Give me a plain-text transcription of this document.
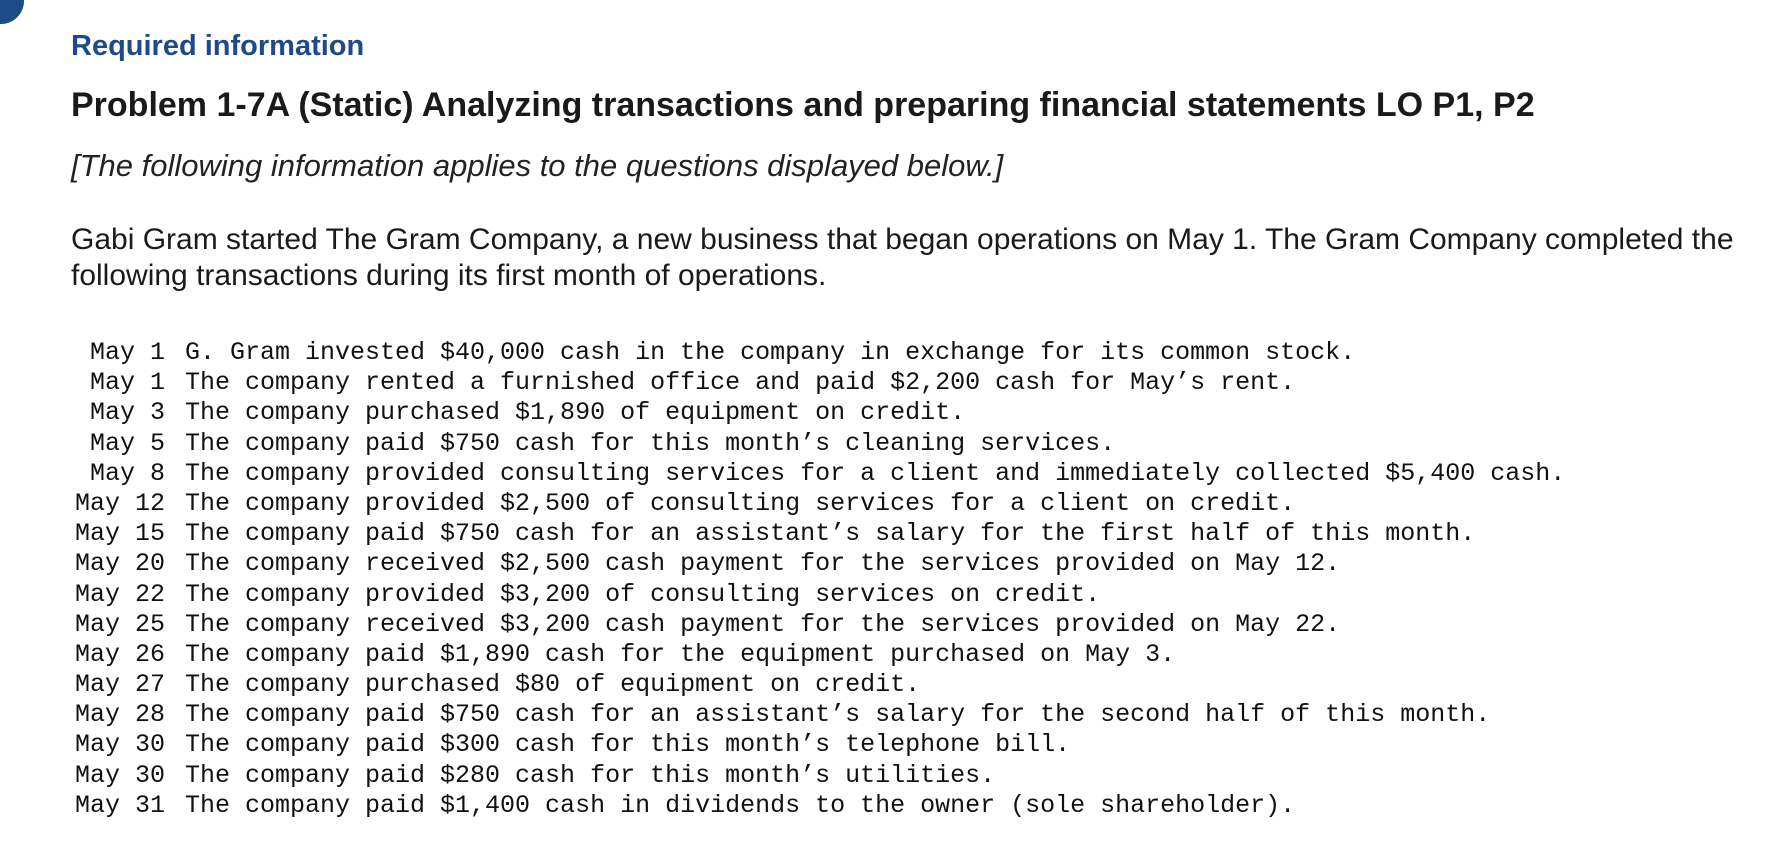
Required information
Problem 1-7A (Static) Analyzing transactions and preparing financial statements LO P1, P2
[The following information applies to the questions displayed below.]
Gabi Gram started The Gram Company, a new business that began operations on May 1. The Gram Company completed the following transactions during its first month of operations.
May 1 G. Gram invested $40,000 cash in the company in exchange for its common stock.
May 1 The company rented a furnished office and paid $2,200 cash for May’s rent.
May 3 The company purchased $1,890 of equipment on credit.
May 5 The company paid $750 cash for this month’s cleaning services.
May 8 The company provided consulting services for a client and immediately collected $5,400 cash.
May 12 The company provided $2,500 of consulting services for a client on credit.
May 15 The company paid $750 cash for an assistant’s salary for the first half of this month.
May 20 The company received $2,500 cash payment for the services provided on May 12.
May 22 The company provided $3,200 of consulting services on credit.
May 25 The company received $3,200 cash payment for the services provided on May 22.
May 26 The company paid $1,890 cash for the equipment purchased on May 3.
May 27 The company purchased $80 of equipment on credit.
May 28 The company paid $750 cash for an assistant’s salary for the second half of this month.
May 30 The company paid $300 cash for this month’s telephone bill.
May 30 The company paid $280 cash for this month’s utilities.
May 31 The company paid $1,400 cash in dividends to the owner (sole shareholder).
